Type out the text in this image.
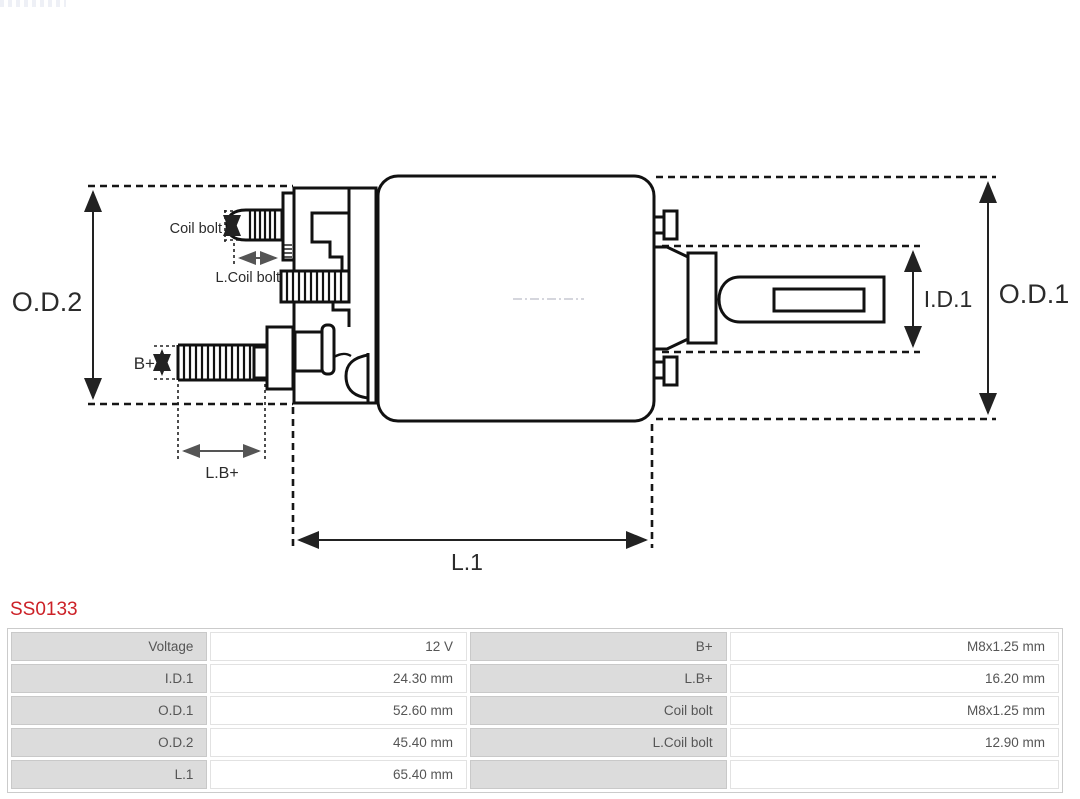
O.D.2	O.D.1
I.D.1
L.1
Coil bolt
L.Coil bolt
B+
L.B+
SS0133
Voltage	12 V	B+	M8x1.25 mm
I.D.1	24.30 mm	L.B+	16.20 mm
O.D.1	52.60 mm	Coil bolt	M8x1.25 mm
O.D.2	45.40 mm	L.Coil bolt	12.90 mm
L.1	65.40 mm		
